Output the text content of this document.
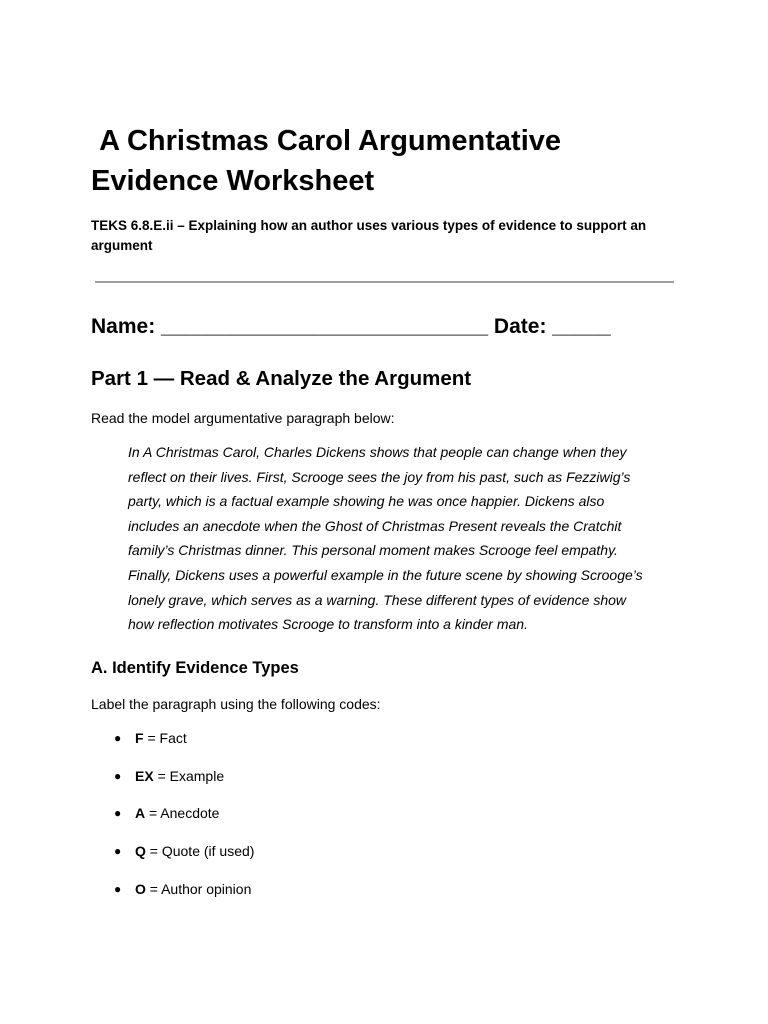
A Christmas Carol Argumentative
Evidence Worksheet

TEKS 6.8.E.ii – Explaining how an author uses various types of evidence to support an argument

Name: ____________________________ Date: _____

Part 1 — Read & Analyze the Argument

Read the model argumentative paragraph below:

In A Christmas Carol, Charles Dickens shows that people can change when they reflect on their lives. First, Scrooge sees the joy from his past, such as Fezziwig’s party, which is a factual example showing he was once happier. Dickens also includes an anecdote when the Ghost of Christmas Present reveals the Cratchit family’s Christmas dinner. This personal moment makes Scrooge feel empathy. Finally, Dickens uses a powerful example in the future scene by showing Scrooge’s lonely grave, which serves as a warning. These different types of evidence show how reflection motivates Scrooge to transform into a kinder man.

A. Identify Evidence Types

Label the paragraph using the following codes:

● F = Fact
● EX = Example
● A = Anecdote
● Q = Quote (if used)
● O = Author opinion
